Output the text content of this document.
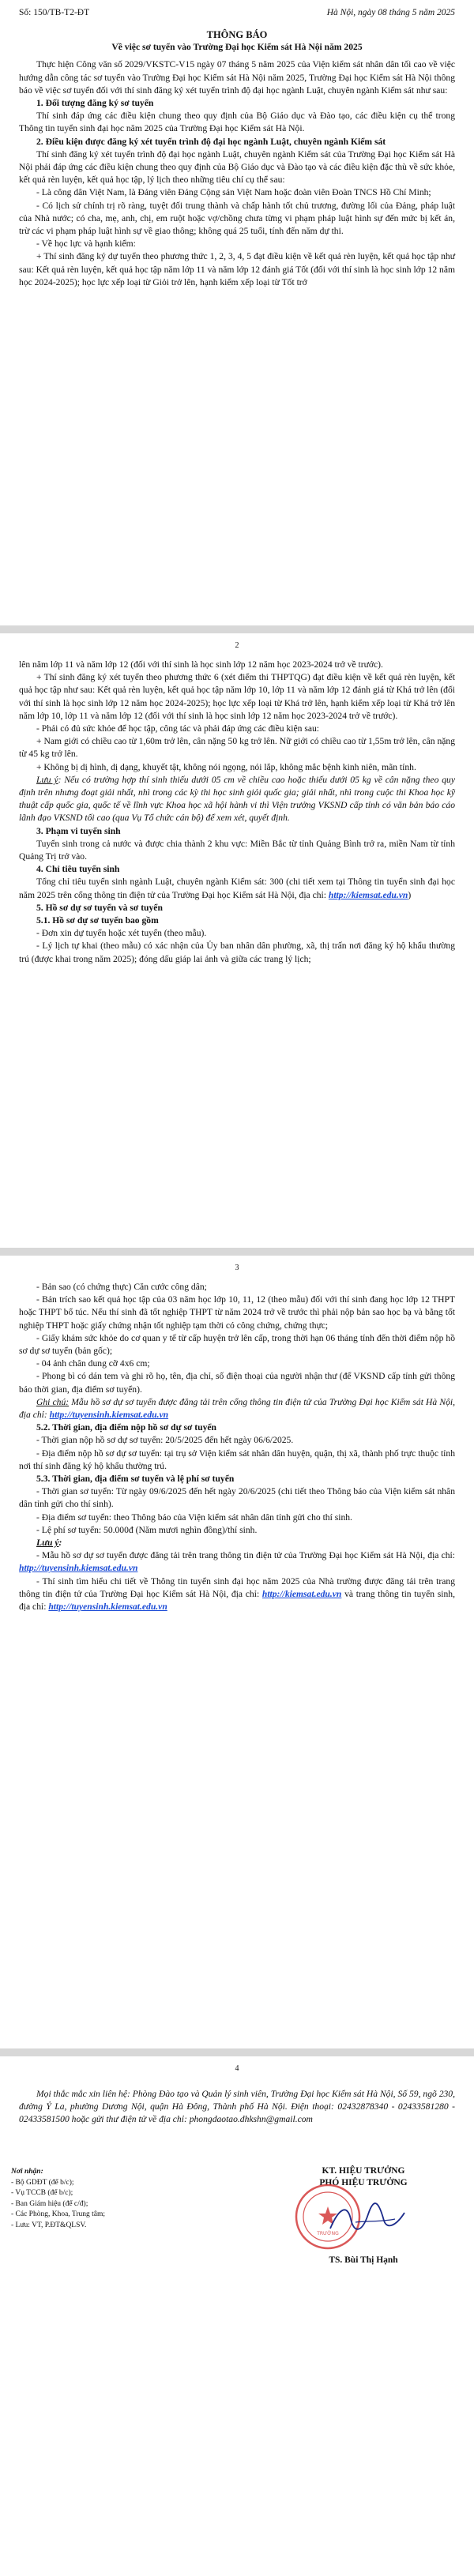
Số: 150/TB-T2-ĐT	Hà Nội, ngày 08 tháng 5 năm 2025

THÔNG BÁO

Về việc sơ tuyển vào Trường Đại học Kiểm sát Hà Nội năm 2025

Thực hiện Công văn số 2029/VKSTC-V15 ngày 07 tháng 5 năm 2025 của Viện kiểm sát nhân dân tối cao về việc hướng dẫn công tác sơ tuyển vào Trường Đại học Kiểm sát Hà Nội năm 2025, Trường Đại học Kiểm sát Hà Nội thông báo về việc sơ tuyển đối với thí sinh đăng ký xét tuyển trình độ đại học ngành Luật, chuyên ngành Kiểm sát như sau:

1. Đối tượng đăng ký sơ tuyển

Thí sinh đáp ứng các điều kiện chung theo quy định của Bộ Giáo dục và Đào tạo, các điều kiện cụ thể trong Thông tin tuyển sinh đại học năm 2025 của Trường Đại học Kiểm sát Hà Nội.

2. Điều kiện được đăng ký xét tuyển trình độ đại học ngành Luật, chuyên ngành Kiểm sát

Thí sinh đăng ký xét tuyển trình độ đại học ngành Luật, chuyên ngành Kiểm sát của Trường Đại học Kiểm sát Hà Nội phải đáp ứng các điều kiện chung theo quy định của Bộ Giáo dục và Đào tạo và các điều kiện đặc thù về sức khỏe, kết quả rèn luyện, kết quả học tập, lý lịch theo những tiêu chí cụ thể sau:

- Là công dân Việt Nam, là Đảng viên Đảng Cộng sản Việt Nam hoặc đoàn viên Đoàn TNCS Hồ Chí Minh;

- Có lịch sử chính trị rõ ràng, tuyệt đối trung thành và chấp hành tốt chủ trương, đường lối của Đảng, pháp luật của Nhà nước; có cha, mẹ, anh, chị, em ruột hoặc vợ/chồng chưa từng vi phạm pháp luật hình sự đến mức bị kết án, trừ các vi phạm pháp luật hình sự về giao thông; không quá 25 tuổi, tính đến năm dự thi.

- Về học lực và hạnh kiểm:

+ Thí sinh đăng ký dự tuyển theo phương thức 1, 2, 3, 4, 5 đạt điều kiện về kết quả rèn luyện, kết quả học tập như sau: Kết quả rèn luyện, kết quả học tập năm lớp 11 và năm lớp 12 đánh giá Tốt (đối với thí sinh là học sinh lớp 12 năm học 2024-2025); học lực xếp loại từ Giỏi trở lên, hạnh kiểm xếp loại từ Tốt trở

2

lên năm lớp 11 và năm lớp 12 (đối với thí sinh là học sinh lớp 12 năm học 2023-2024 trở về trước).

+ Thí sinh đăng ký xét tuyển theo phương thức 6 (xét điểm thi THPTQG) đạt điều kiện về kết quả rèn luyện, kết quả học tập như sau: Kết quả rèn luyện, kết quả học tập năm lớp 10, lớp 11 và năm lớp 12 đánh giá từ Khá trở lên (đối với thí sinh là học sinh lớp 12 năm học 2024-2025); học lực xếp loại từ Khá trở lên, hạnh kiểm xếp loại từ Khá trở lên năm lớp 10, lớp 11 và năm lớp 12 (đối với thí sinh là học sinh lớp 12 năm học 2023-2024 trở về trước).

- Phải có đủ sức khỏe để học tập, công tác và phải đáp ứng các điều kiện sau:

+ Nam giới có chiều cao từ 1,60m trở lên, cân nặng 50 kg trở lên. Nữ giới có chiều cao từ 1,55m trở lên, cân nặng từ 45 kg trở lên.

+ Không bị dị hình, dị dạng, khuyết tật, không nói ngọng, nói lắp, không mắc bệnh kinh niên, mãn tính.

Lưu ý: Nếu có trường hợp thí sinh thiếu dưới 05 cm về chiều cao hoặc thiếu dưới 05 kg về cân nặng theo quy định trên nhưng đoạt giải nhất, nhì trong các kỳ thi học sinh giỏi quốc gia; giải nhất, nhì trong cuộc thi Khoa học kỹ thuật cấp quốc gia, quốc tế về lĩnh vực Khoa học xã hội hành vi thì Viện trưởng VKSND cấp tỉnh có văn bản báo cáo lãnh đạo VKSND tối cao (qua Vụ Tổ chức cán bộ) để xem xét, quyết định.

3. Phạm vi tuyển sinh

Tuyển sinh trong cả nước và được chia thành 2 khu vực: Miền Bắc từ tỉnh Quảng Bình trở ra, miền Nam từ tỉnh Quảng Trị trở vào.

4. Chỉ tiêu tuyển sinh

Tổng chỉ tiêu tuyển sinh ngành Luật, chuyên ngành Kiểm sát: 300 (chi tiết xem tại Thông tin tuyển sinh đại học năm 2025 trên cổng thông tin điện tử của Trường Đại học Kiểm sát Hà Nội, địa chỉ: http://kiemsat.edu.vn)

5. Hồ sơ dự sơ tuyển và sơ tuyển

5.1. Hồ sơ dự sơ tuyển bao gồm

- Đơn xin dự tuyển hoặc xét tuyển (theo mẫu).

- Lý lịch tự khai (theo mẫu) có xác nhận của Ủy ban nhân dân phường, xã, thị trấn nơi đăng ký hộ khẩu thường trú (được khai trong năm 2025); đóng dấu giáp lai ảnh và giữa các trang lý lịch;

3

- Bản sao (có chứng thực) Căn cước công dân;

- Bản trích sao kết quả học tập của 03 năm học lớp 10, 11, 12 (theo mẫu) đối với thí sinh đang học lớp 12 THPT hoặc THPT bổ túc. Nếu thí sinh đã tốt nghiệp THPT từ năm 2024 trở về trước thì phải nộp bản sao học bạ và bằng tốt nghiệp THPT hoặc giấy chứng nhận tốt nghiệp tạm thời có công chứng, chứng thực;

- Giấy khám sức khỏe do cơ quan y tế từ cấp huyện trở lên cấp, trong thời hạn 06 tháng tính đến thời điểm nộp hồ sơ dự sơ tuyển (bản gốc);

- 04 ảnh chân dung cỡ 4x6 cm;

- Phong bì có dán tem và ghi rõ họ, tên, địa chỉ, số điện thoại của người nhận thư (để VKSND cấp tỉnh gửi thông báo thời gian, địa điểm sơ tuyển).

Ghi chú: Mẫu hồ sơ dự sơ tuyển được đăng tải trên cổng thông tin điện tử của Trường Đại học Kiểm sát Hà Nội, địa chỉ: http://tuyensinh.kiemsat.edu.vn

5.2. Thời gian, địa điểm nộp hồ sơ dự sơ tuyển

- Thời gian nộp hồ sơ dự sơ tuyển: 20/5/2025 đến hết ngày 06/6/2025.

- Địa điểm nộp hồ sơ dự sơ tuyển: tại trụ sở Viện kiểm sát nhân dân huyện, quận, thị xã, thành phố trực thuộc tỉnh nơi thí sinh đăng ký hộ khẩu thường trú.

5.3. Thời gian, địa điểm sơ tuyển và lệ phí sơ tuyển

- Thời gian sơ tuyển: Từ ngày 09/6/2025 đến hết ngày 20/6/2025 (chi tiết theo Thông báo của Viện kiểm sát nhân dân tỉnh gửi cho thí sinh).

- Địa điểm sơ tuyển: theo Thông báo của Viện kiểm sát nhân dân tỉnh gửi cho thí sinh.

- Lệ phí sơ tuyển: 50.000đ (Năm mươi nghìn đồng)/thí sinh.

Lưu ý:

- Mẫu hồ sơ dự sơ tuyển được đăng tải trên trang thông tin điện tử của Trường Đại học Kiểm sát Hà Nội, địa chỉ: http://tuyensinh.kiemsat.edu.vn

- Thí sinh tìm hiểu chi tiết về Thông tin tuyển sinh đại học năm 2025 của Nhà trường được đăng tải trên trang thông tin điện tử của Trường Đại học Kiểm sát Hà Nội, địa chỉ: http://kiemsat.edu.vn và trang thông tin tuyển sinh, địa chỉ: http://tuyensinh.kiemsat.edu.vn

4

Mọi thắc mắc xin liên hệ: Phòng Đào tạo và Quản lý sinh viên, Trường Đại học Kiểm sát Hà Nội, Số 59, ngõ 230, đường Ỷ La, phường Dương Nội, quận Hà Đông, Thành phố Hà Nội. Điện thoại: 02432878340 - 02433581280 - 02433581500 hoặc gửi thư điện tử về địa chỉ: phongdaotao.dhkshn@gmail.com

Nơi nhận:
- Bộ GDĐT (để b/c);
- Vụ TCCB (để b/c);
- Ban Giám hiệu (để c/đ);
- Các Phòng, Khoa, Trung tâm;
- Lưu: VT, P.ĐT&QLSV.
KT. HIỆU TRƯỞNG
PHÓ HIỆU TRƯỞNG
TRƯỜNG
TS. Bùi Thị Hạnh
